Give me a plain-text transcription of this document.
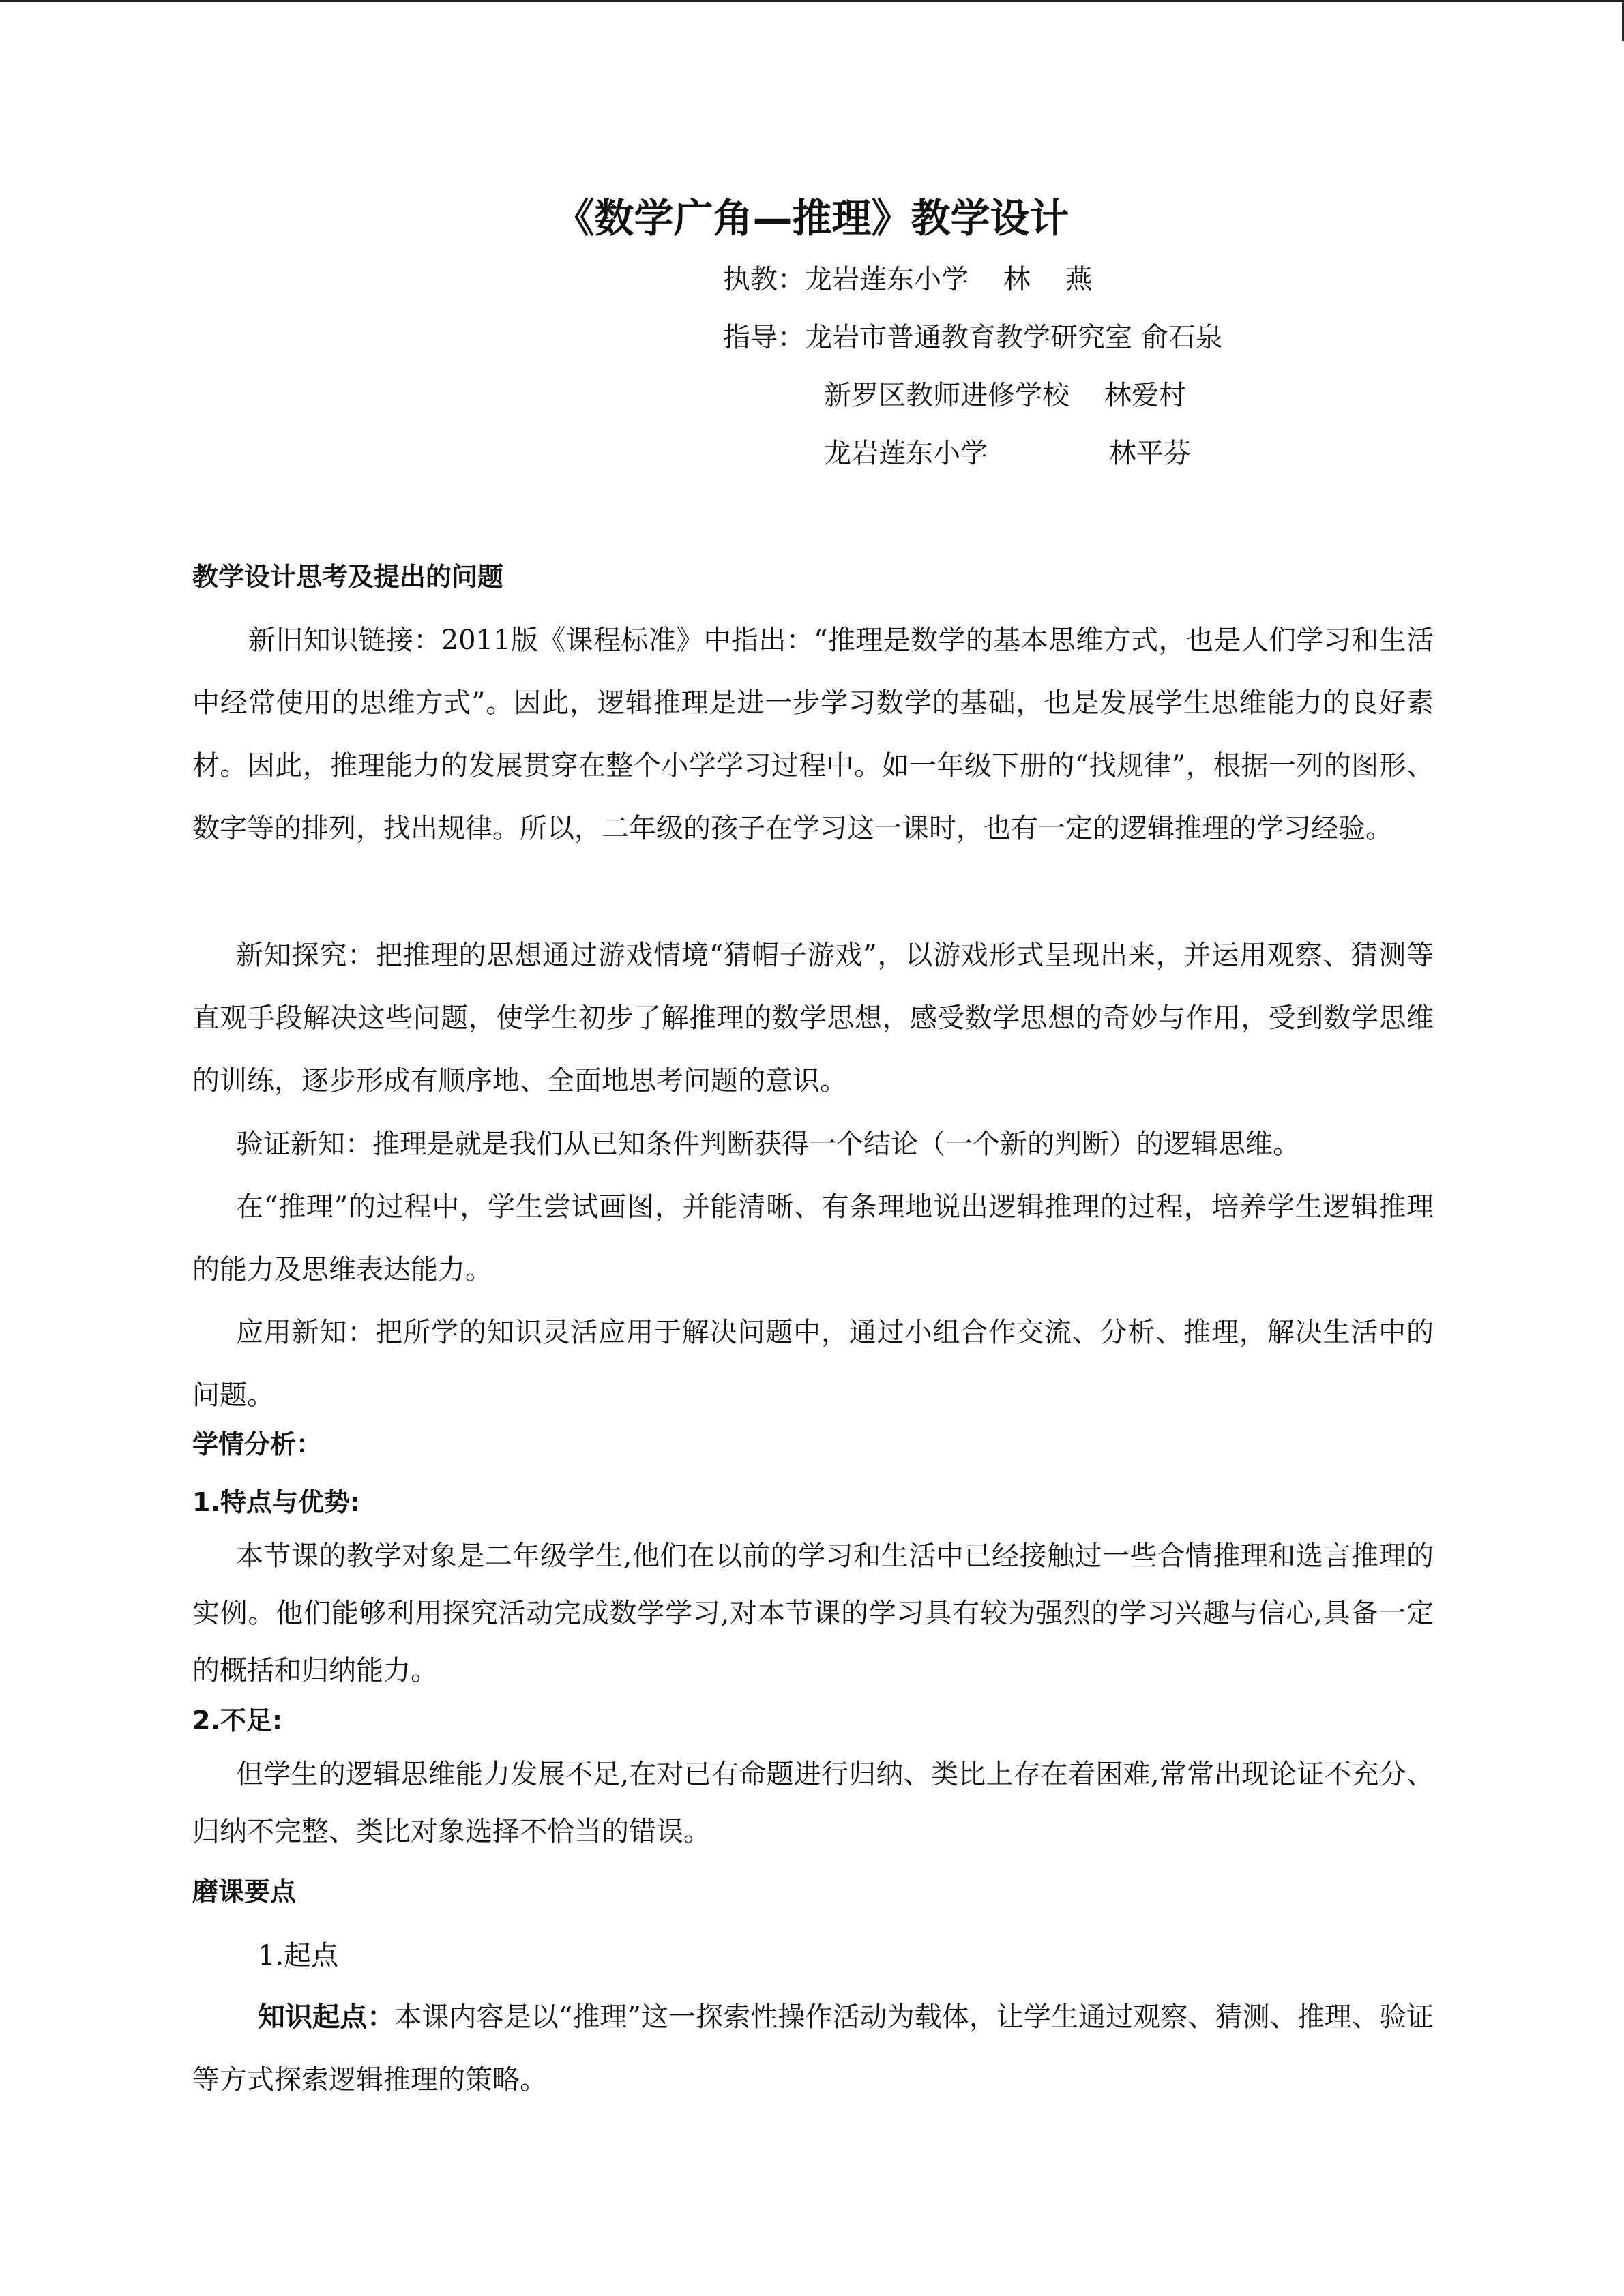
《数学广角—推理》教学设计
执教：龙岩莲东小学    林    燕
指导：龙岩市普通教育教学研究室 俞石泉
新罗区教师进修学校    林爱村
龙岩莲东小学              林平芬
教学设计思考及提出的问题

新旧知识链接：2011版《课程标准》中指出：“推理是数学的基本思维方式，也是人们学习和生活中经常使用的思维方式”。因此，逻辑推理是进一步学习数学的基础，也是发展学生思维能力的良好素材。因此，推理能力的发展贯穿在整个小学学习过程中。如一年级下册的“找规律”，根据一列的图形、数字等的排列，找出规律。所以，二年级的孩子在学习这一课时，也有一定的逻辑推理的学习经验。

新知探究：把推理的思想通过游戏情境“猜帽子游戏”，以游戏形式呈现出来，并运用观察、猜测等直观手段解决这些问题，使学生初步了解推理的数学思想，感受数学思想的奇妙与作用，受到数学思维的训练，逐步形成有顺序地、全面地思考问题的意识。

验证新知：推理是就是我们从已知条件判断获得一个结论（一个新的判断）的逻辑思维。

在“推理”的过程中，学生尝试画图，并能清晰、有条理地说出逻辑推理的过程，培养学生逻辑推理的能力及思维表达能力。

应用新知：把所学的知识灵活应用于解决问题中，通过小组合作交流、分析、推理，解决生活中的问题。

学情分析：
1.特点与优势:

本节课的教学对象是二年级学生,他们在以前的学习和生活中已经接触过一些合情推理和选言推理的实例。他们能够利用探究活动完成数学学习,对本节课的学习具有较为强烈的学习兴趣与信心,具备一定的概括和归纳能力。

2.不足:

但学生的逻辑思维能力发展不足,在对已有命题进行归纳、类比上存在着困难,常常出现论证不充分、归纳不完整、类比对象选择不恰当的错误。

磨课要点
1.起点

知识起点：本课内容是以“推理”这一探索性操作活动为载体，让学生通过观察、猜测、推理、验证等方式探索逻辑推理的策略。
